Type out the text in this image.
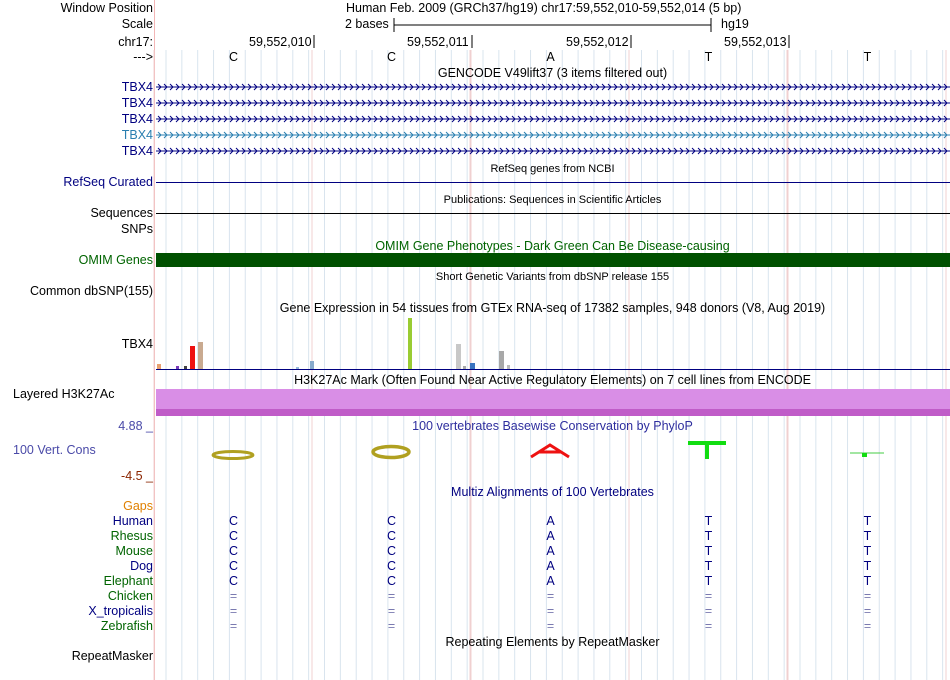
Window Position	Human Feb. 2009 (GRCh37/hg19) chr17:59,552,010-59,552,014 (5 bp)
Scale	2 bases	hg19
chr17:	59,552,010	59,552,011	59,552,012	59,552,013
--->	C	C	A	T	T
GENCODE V49lift37 (3 items filtered out)
TBX4
TBX4
TBX4
TBX4
TBX4
RefSeq genes from NCBI
RefSeq Curated
Publications: Sequences in Scientific Articles
Sequences
SNPs
OMIM Gene Phenotypes - Dark Green Can Be Disease-causing
OMIM Genes
Short Genetic Variants from dbSNP release 155
Common dbSNP(155)
Gene Expression in 54 tissues from GTEx RNA-seq of 17382 samples, 948 donors (V8, Aug 2019)
TBX4
H3K27Ac Mark (Often Found Near Active Regulatory Elements) on 7 cell lines from ENCODE
Layered H3K27Ac
100 vertebrates Basewise Conservation by PhyloP
4.88 _
100 Vert. Cons
-4.5 _
Multiz Alignments of 100 Vertebrates
Gaps
Human	C	C	A	T	T
Rhesus	C	C	A	T	T
Mouse	C	C	A	T	T
Dog	C	C	A	T	T
Elephant	C	C	A	T	T
Chicken	=	=	=	=	=
X_tropicalis	=	=	=	=	=
Zebrafish	=	=	=	=	=
Repeating Elements by RepeatMasker
RepeatMasker
